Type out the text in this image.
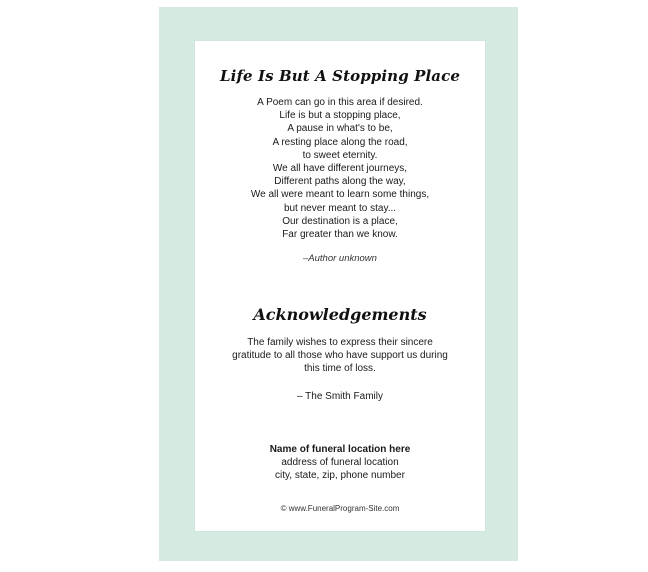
Life Is But A Stopping Place
A Poem can go in this area if desired.
Life is but a stopping place,
A pause in what's to be,
A resting place along the road,
to sweet eternity.
We all have different journeys,
Different paths along the way,
We all were meant to learn some things,
but never meant to stay...
Our destination is a place,
Far greater than we know.
–Author unknown
Acknowledgements
The family wishes to express their sincere
gratitude to all those who have support us during
this time of loss.
– The Smith Family
Name of funeral location here
address of funeral location
city, state, zip, phone number
© www.FuneralProgram-Site.com
